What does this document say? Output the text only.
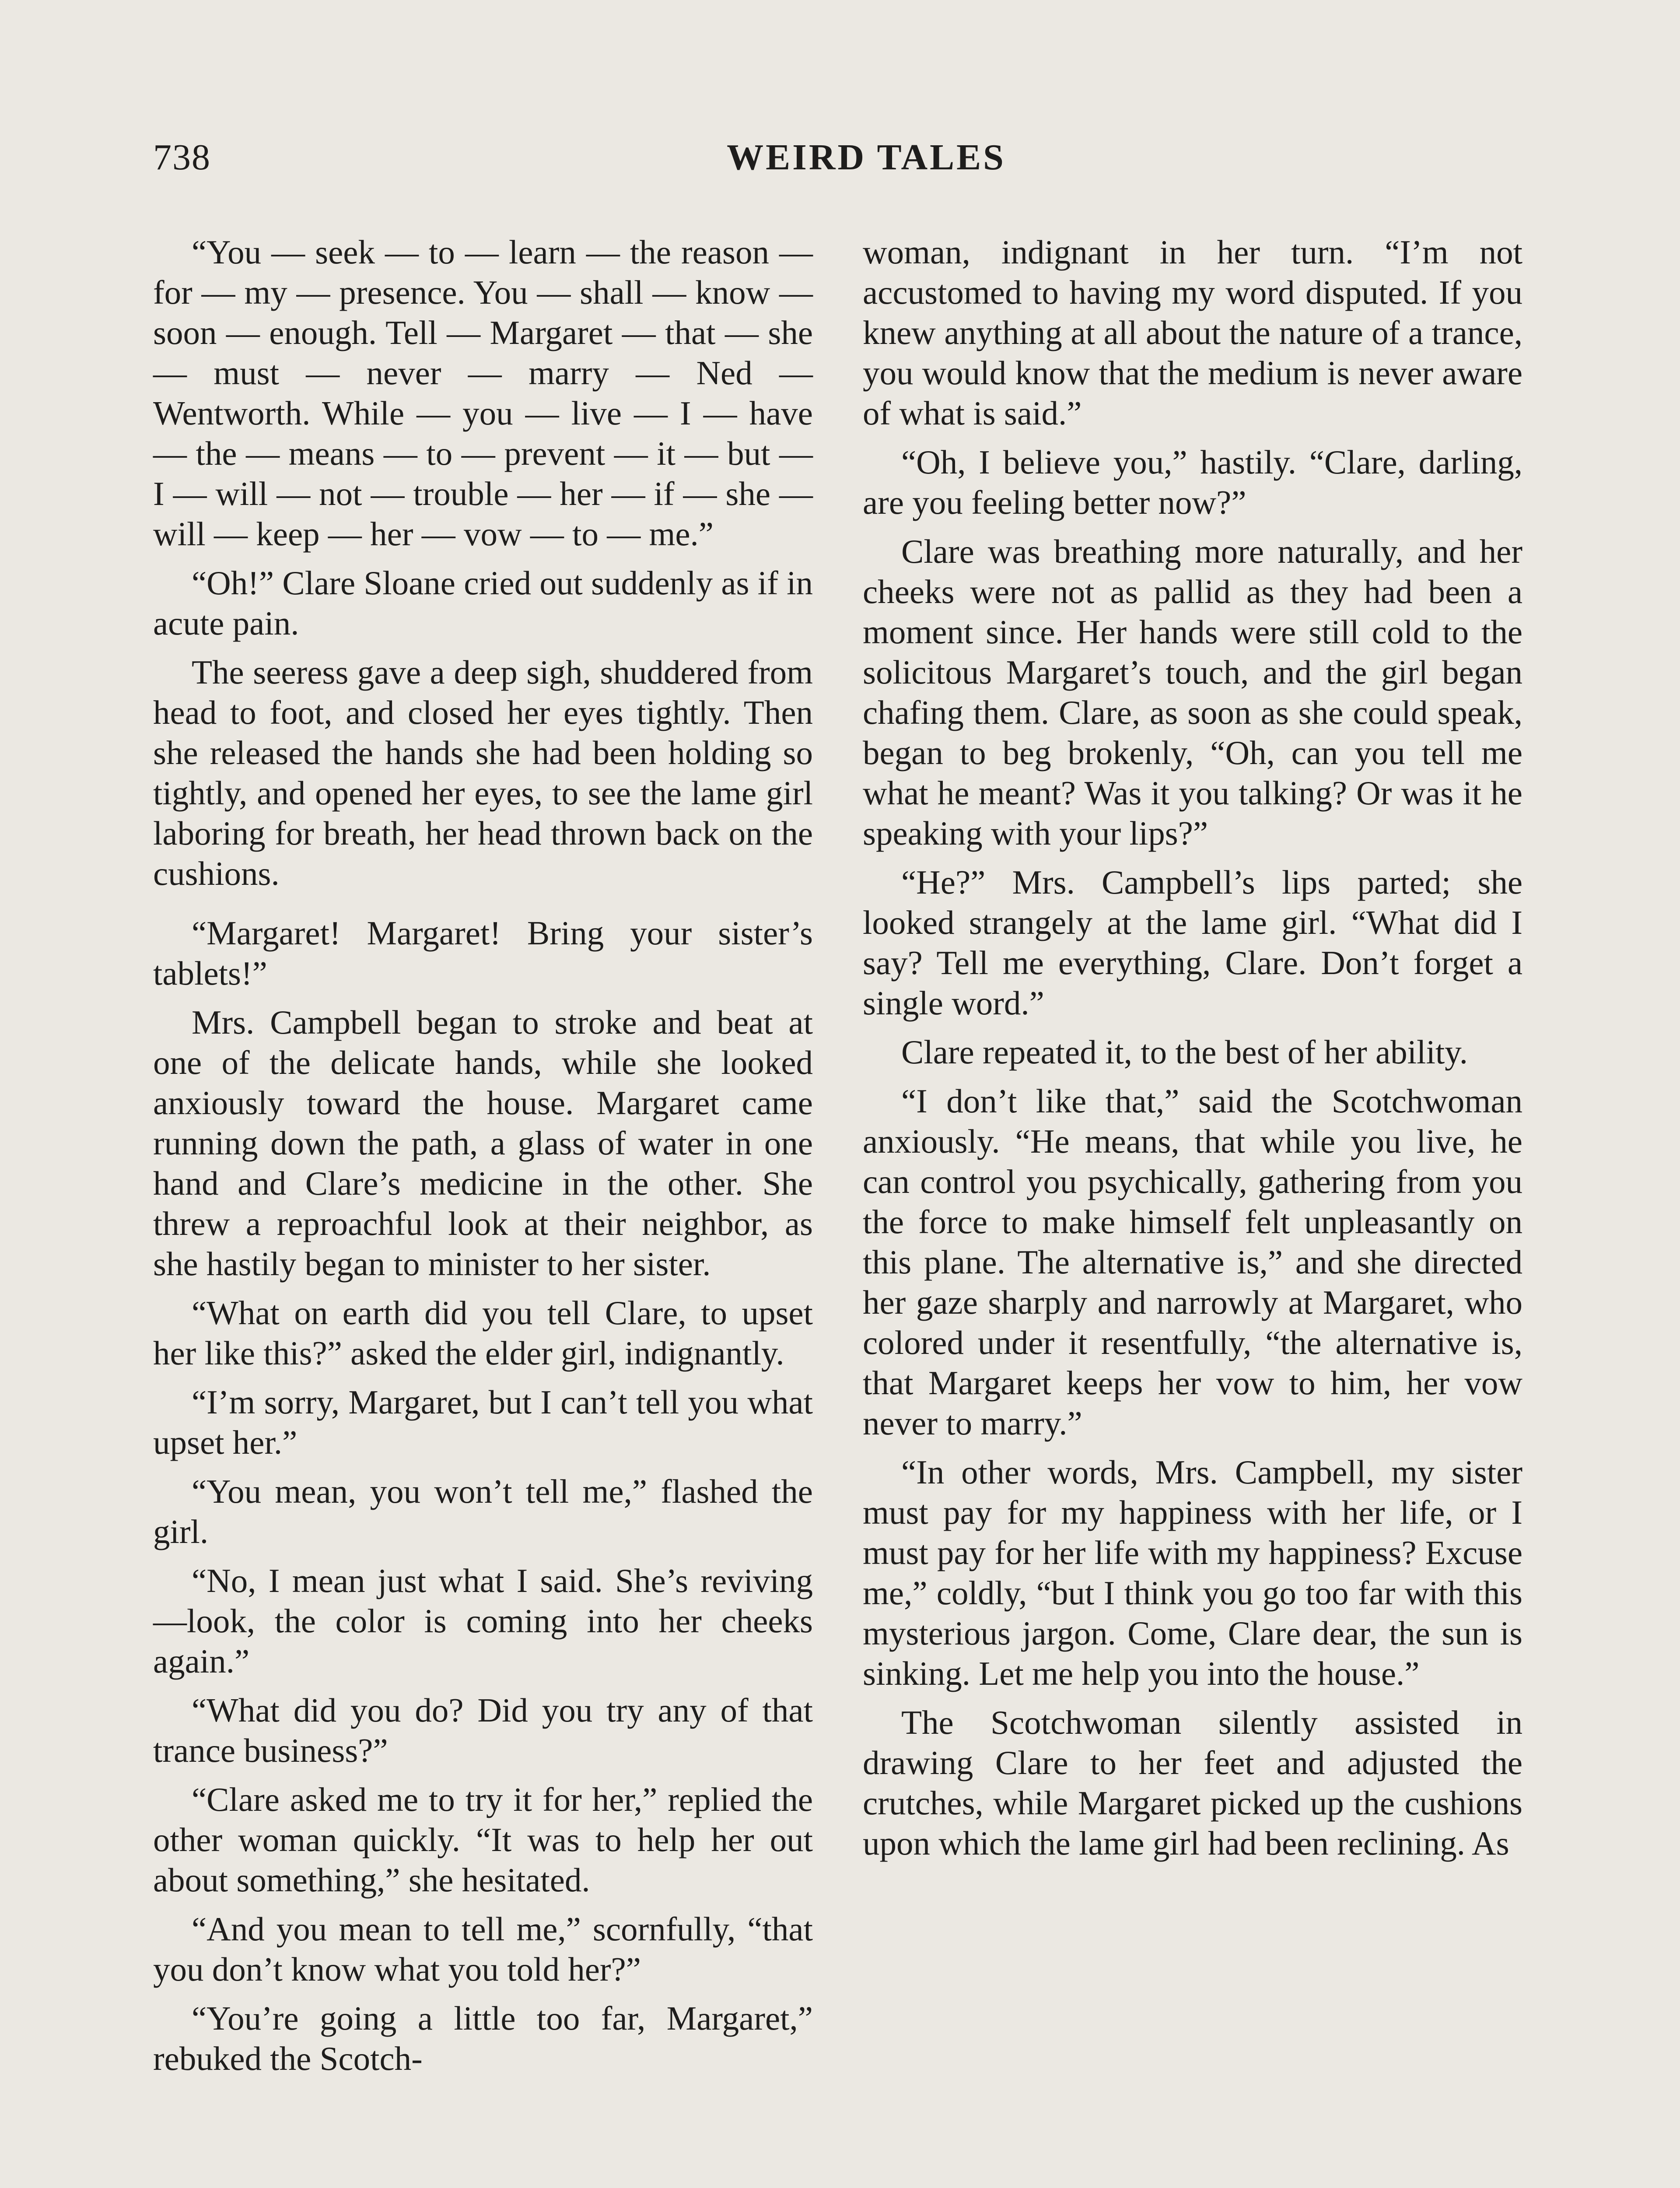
738	WEIRD TALES

“You — seek — to — learn — the reason — for — my — presence. You — shall — know — soon — enough. Tell — Margaret — that — she — must — never — marry — Ned — Wentworth. While — you — live — I — have — the — means — to — prevent — it — but — I — will — not — trouble — her — if — she — will — keep — her — vow — to — me.”

“Oh!” Clare Sloane cried out suddenly as if in acute pain.

The seeress gave a deep sigh, shuddered from head to foot, and closed her eyes tightly. Then she released the hands she had been holding so tightly, and opened her eyes, to see the lame girl laboring for breath, her head thrown back on the cushions.

“Margaret! Margaret! Bring your sister’s tablets!”

Mrs. Campbell began to stroke and beat at one of the delicate hands, while she looked anxiously toward the house. Margaret came running down the path, a glass of water in one hand and Clare’s medicine in the other. She threw a reproachful look at their neighbor, as she hastily began to minister to her sister.

“What on earth did you tell Clare, to upset her like this?” asked the elder girl, indignantly.

“I’m sorry, Margaret, but I can’t tell you what upset her.”

“You mean, you won’t tell me,” flashed the girl.

“No, I mean just what I said. She’s reviving—look, the color is coming into her cheeks again.”

“What did you do? Did you try any of that trance business?”

“Clare asked me to try it for her,” replied the other woman quickly. “It was to help her out about something,” she hesitated.

“And you mean to tell me,” scornfully, “that you don’t know what you told her?”

“You’re going a little too far, Margaret,” rebuked the Scotch-

woman, indignant in her turn. “I’m not accustomed to having my word disputed. If you knew anything at all about the nature of a trance, you would know that the medium is never aware of what is said.”

“Oh, I believe you,” hastily. “Clare, darling, are you feeling better now?”

Clare was breathing more naturally, and her cheeks were not as pallid as they had been a moment since. Her hands were still cold to the solicitous Margaret’s touch, and the girl began chafing them. Clare, as soon as she could speak, began to beg brokenly, “Oh, can you tell me what he meant? Was it you talking? Or was it he speaking with your lips?”

“He?” Mrs. Campbell’s lips parted; she looked strangely at the lame girl. “What did I say? Tell me everything, Clare. Don’t forget a single word.”

Clare repeated it, to the best of her ability.

“I don’t like that,” said the Scotchwoman anxiously. “He means, that while you live, he can control you psychically, gathering from you the force to make himself felt unpleasantly on this plane. The alternative is,” and she directed her gaze sharply and narrowly at Margaret, who colored under it resentfully, “the alternative is, that Margaret keeps her vow to him, her vow never to marry.”

“In other words, Mrs. Campbell, my sister must pay for my happiness with her life, or I must pay for her life with my happiness? Excuse me,” coldly, “but I think you go too far with this mysterious jargon. Come, Clare dear, the sun is sinking. Let me help you into the house.”

The Scotchwoman silently assisted in drawing Clare to her feet and adjusted the crutches, while Margaret picked up the cushions upon which the lame girl had been reclining. As
